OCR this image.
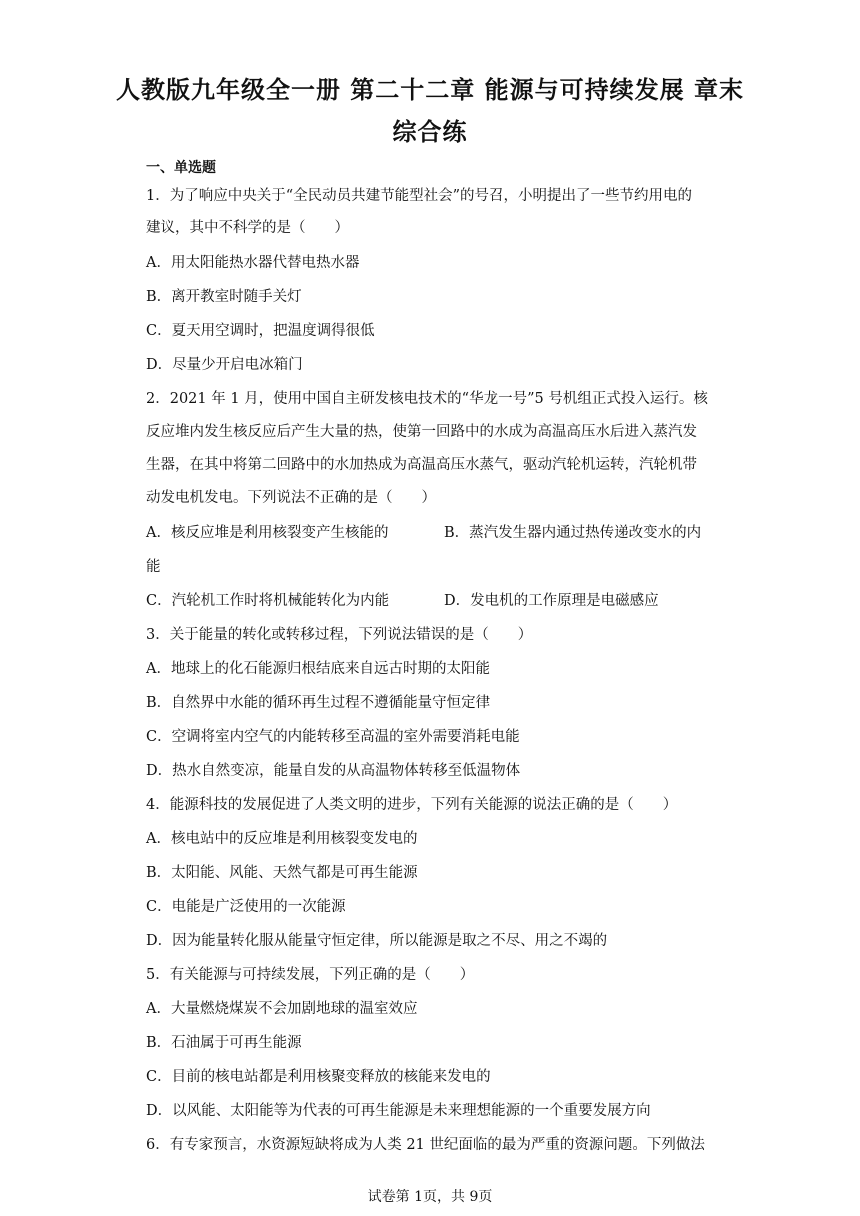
人教版九年级全一册 第二十二章 能源与可持续发展 章末
综合练
一、单选题
1．为了响应中央关于“全民动员共建节能型社会”的号召，小明提出了一些节约用电的
建议，其中不科学的是（　　）
A．用太阳能热水器代替电热水器
B．离开教室时随手关灯
C．夏天用空调时，把温度调得很低
D．尽量少开启电冰箱门
2．2021 年 1 月，使用中国自主研发核电技术的“华龙一号”5 号机组正式投入运行。核
反应堆内发生核反应后产生大量的热，使第一回路中的水成为高温高压水后进入蒸汽发
生器，在其中将第二回路中的水加热成为高温高压水蒸气，驱动汽轮机运转，汽轮机带
动发电机发电。下列说法不正确的是（　　）
A．核反应堆是利用核裂变产生核能的	B．蒸汽发生器内通过热传递改变水的内
能
C．汽轮机工作时将机械能转化为内能	D．发电机的工作原理是电磁感应
3．关于能量的转化或转移过程，下列说法错误的是（　　）
A．地球上的化石能源归根结底来自远古时期的太阳能
B．自然界中水能的循环再生过程不遵循能量守恒定律
C．空调将室内空气的内能转移至高温的室外需要消耗电能
D．热水自然变凉，能量自发的从高温物体转移至低温物体
4．能源科技的发展促进了人类文明的进步，下列有关能源的说法正确的是（　　）
A．核电站中的反应堆是利用核裂变发电的
B．太阳能、风能、天然气都是可再生能源
C．电能是广泛使用的一次能源
D．因为能量转化服从能量守恒定律，所以能源是取之不尽、用之不竭的
5．有关能源与可持续发展，下列正确的是（　　）
A．大量燃烧煤炭不会加剧地球的温室效应
B．石油属于可再生能源
C．目前的核电站都是利用核聚变释放的核能来发电的
D．以风能、太阳能等为代表的可再生能源是未来理想能源的一个重要发展方向
6．有专家预言，水资源短缺将成为人类 21 世纪面临的最为严重的资源问题。下列做法
试卷第 1页，共 9页
